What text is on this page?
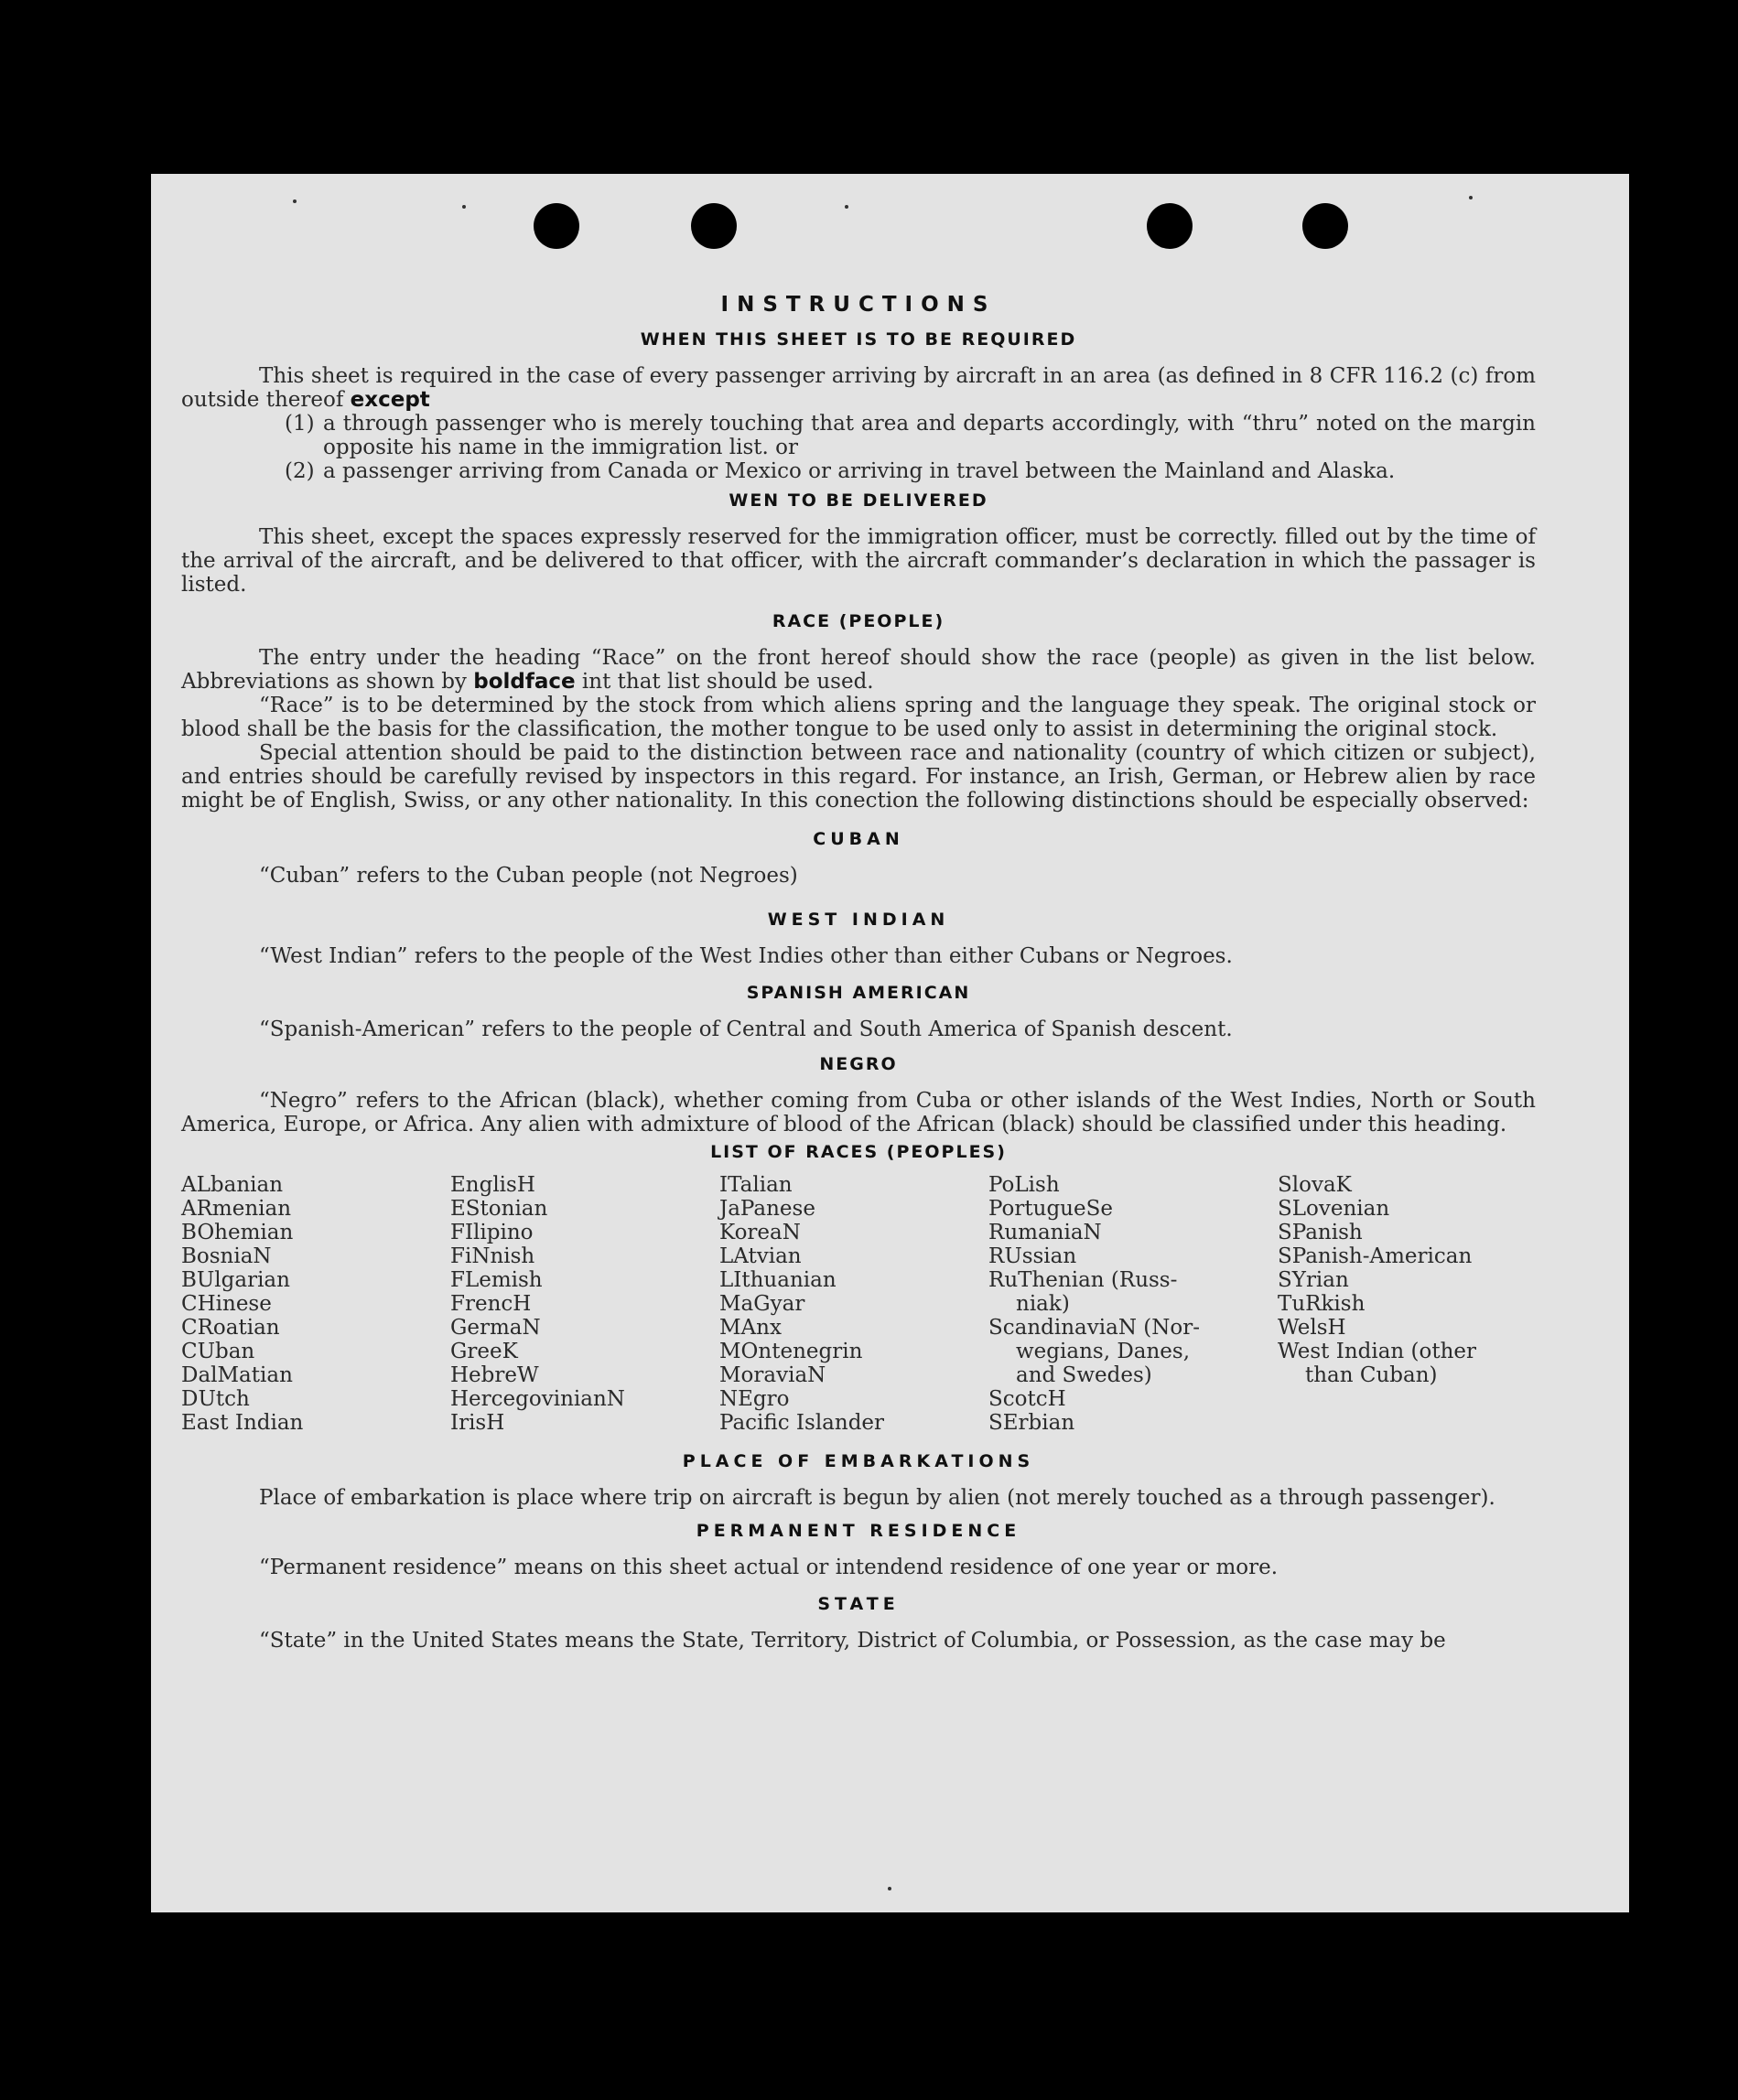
INSTRUCTIONS
WHEN THIS SHEET IS TO BE REQUIRED

This sheet is required in the case of every passenger arriving by aircraft in an area (as defined in 8 CFR 116.2 (c) from outside thereof except

(1) a through passenger who is merely touching that area and departs accordingly, with “thru” noted on the margin opposite his name in the immigration list. or
(2) a passenger arriving from Canada or Mexico or arriving in travel between the Mainland and Alaska.
WEN TO BE DELIVERED

This sheet, except the spaces expressly reserved for the immigration officer, must be correctly. filled out by the time of the arrival of the aircraft, and be delivered to that officer, with the aircraft commander’s declaration in which the passager is listed.

RACE (PEOPLE)

The entry under the heading “Race” on the front hereof should show the race (people) as given in the list below. Abbreviations as shown by boldface int that list should be used.

“Race” is to be determined by the stock from which aliens spring and the language they speak. The original stock or blood shall be the basis for the classification, the mother tongue to be used only to assist in determining the original stock.

Special attention should be paid to the distinction between race and nationality (country of which citizen or subject), and entries should be carefully revised by inspectors in this regard. For instance, an Irish, German, or Hebrew alien by race might be of English, Swiss, or any other nationality. In this conection the following distinctions should be especially observed:

CUBAN

“Cuban” refers to the Cuban people (not Negroes)

WEST INDIAN

“West Indian” refers to the people of the West Indies other than either Cubans or Negroes.

SPANISH AMERICAN

“Spanish-American” refers to the people of Central and South America of Spanish descent.

NEGRO

“Negro” refers to the African (black), whether coming from Cuba or other islands of the West Indies, North or South America, Europe, or Africa. Any alien with admixture of blood of the African (black) should be classified under this heading.

LIST OF RACES (PEOPLES)
ALbanian
ARmenian
BOhemian
BosniaN
BUlgarian
CHinese
CRoatian
CUban
DalMatian
DUtch
East Indian
EnglisH
EStonian
FIlipino
FiNnish
FLemish
FrencH
GermaN
GreeK
HebreW
HercegovinianN
IrisH
ITalian
JaPanese
KoreaN
LAtvian
LIthuanian
MaGyar
MAnx
MOntenegrin
MoraviaN
NEgro
Pacific Islander
PoLish
PortugueSe
RumaniaN
RUssian
RuThenian (Russ-
niak)
ScandinaviaN (Nor-
wegians, Danes,
and Swedes)
ScotcH
SErbian
SlovaK
SLovenian
SPanish
SPanish-American
SYrian
TuRkish
WelsH
West Indian (other
than Cuban)
PLACE OF EMBARKATIONS

Place of embarkation is place where trip on aircraft is begun by alien (not merely touched as a through passenger).

PERMANENT RESIDENCE

“Permanent residence” means on this sheet actual or intendend residence of one year or more.

STATE

“State” in the United States means the State, Territory, District of Columbia, or Possession, as the case may be
